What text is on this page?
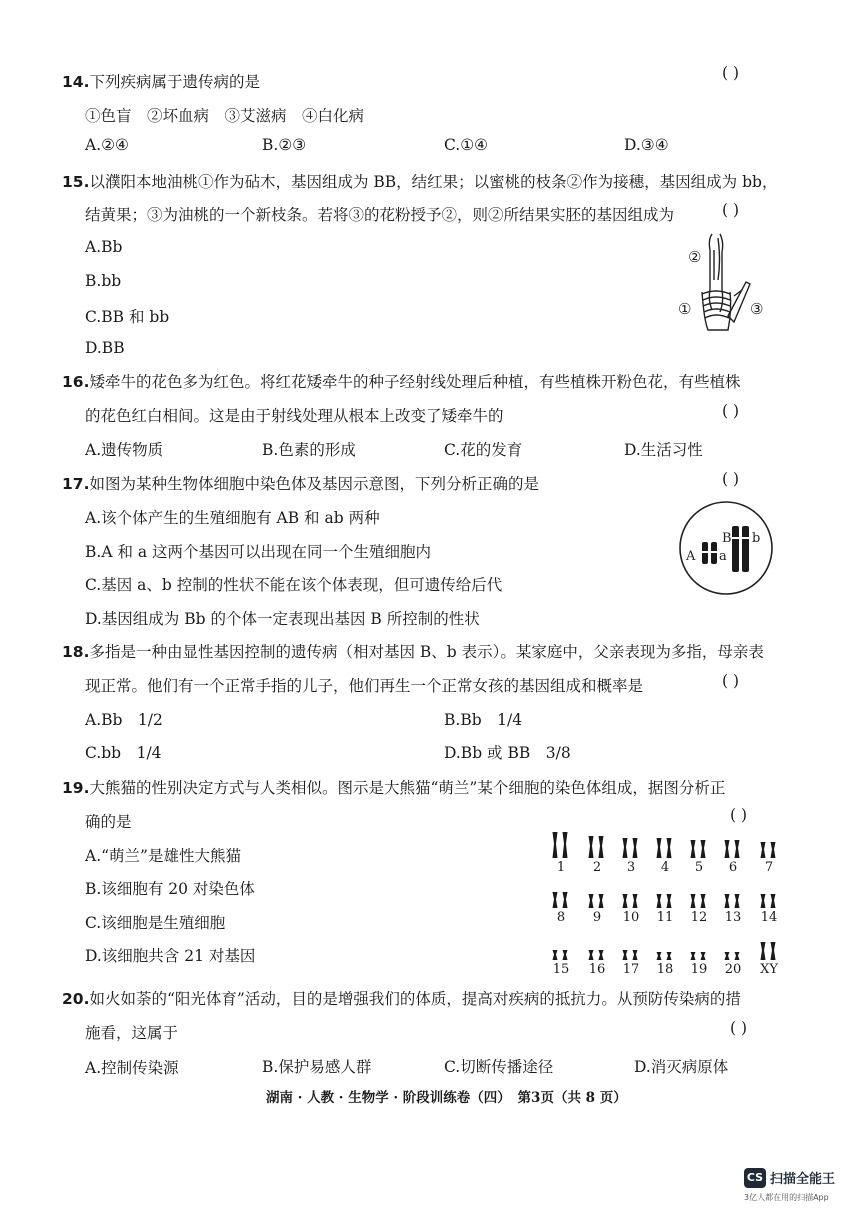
14.下列疾病属于遗传病的是	( )
①色盲　②坏血病　③艾滋病　④白化病
A.②④	B.②③	C.①④	D.③④
15.以濮阳本地油桃①作为砧木，基因组成为 BB，结红果；以蜜桃的枝条②作为接穗，基因组成为 bb，
结黄果；③为油桃的一个新枝条。若将③的花粉授予②，则②所结果实胚的基因组成为	( )
A.Bb
B.bb
C.BB 和 bb
D.BB
②
①	③
16.矮牵牛的花色多为红色。将红花矮牵牛的种子经射线处理后种植，有些植株开粉色花，有些植株
的花色红白相间。这是由于射线处理从根本上改变了矮牵牛的	( )
A.遗传物质	B.色素的形成	C.花的发育	D.生活习性
17.如图为某种生物体细胞中染色体及基因示意图，下列分析正确的是	( )
A.该个体产生的生殖细胞有 AB 和 ab 两种
B.A 和 a 这两个基因可以出现在同一个生殖细胞内
C.基因 a、b 控制的性状不能在该个体表现，但可遗传给后代
D.基因组成为 Bb 的个体一定表现出基因 B 所控制的性状
A a
B b
18.多指是一种由显性基因控制的遗传病（相对基因 B、b 表示）。某家庭中，父亲表现为多指，母亲表
现正常。他们有一个正常手指的儿子，他们再生一个正常女孩的基因组成和概率是	( )
A.Bb　1/2	B.Bb　1/4
C.bb　1/4	D.Bb 或 BB　3/8
19.大熊猫的性别决定方式与人类相似。图示是大熊猫“萌兰”某个细胞的染色体组成，据图分析正
确的是	( )
A.“萌兰”是雄性大熊猫
B.该细胞有 20 对染色体
C.该细胞是生殖细胞
D.该细胞共含 21 对基因
1	2	3	4	5	6	7
8	9	10	11	12	13	14
15	16	17	18	19	20	XY
20.如火如荼的“阳光体育”活动，目的是增强我们的体质，提高对疾病的抵抗力。从预防传染病的措
施看，这属于	( )
A.控制传染源	B.保护易感人群	C.切断传播途径	D.消灭病原体
湖南 · 人教 · 生物学 · 阶段训练卷（四）　第3页（共 8 页）
CS 扫描全能王
3亿人都在用的扫描App
